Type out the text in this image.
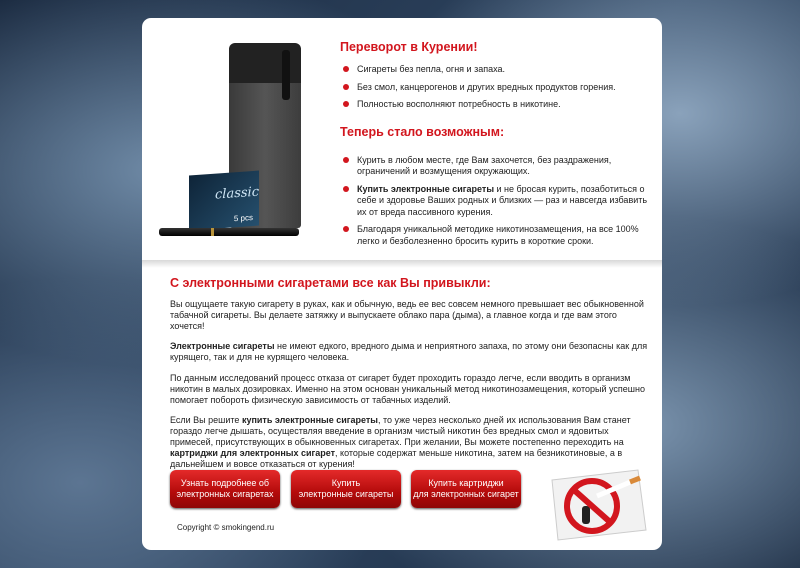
classic
5 pcs
Переворот в Курении!
Сигареты без пепла, огня и запаха.
Без смол, канцерогенов и других вредных продуктов горения.
Полностью восполняют потребность в никотине.
Теперь стало возможным:
Курить в любом месте, где Вам захочется, без раздражения, ограничений и возмущения окружающих.
Купить электронные сигареты и не бросая курить, позаботиться о себе и здоровье Ваших родных и близких — раз и навсегда избавить их от вреда пассивного курения.
Благодаря уникальной методике никотинозамещения, на все 100% легко и безболезненно бросить курить в короткие сроки.
С электронными сигаретами все как Вы привыкли:

Вы ощущаете такую сигарету в руках, как и обычную, ведь ее вес совсем немного превышает вес обыкновенной табачной сигареты. Вы делаете затяжку и выпускаете облако пара (дыма), а главное когда и где вам этого хочется!

Электронные сигареты не имеют едкого, вредного дыма и неприятного запаха, по этому они безопасны как для курящего, так и для не курящего человека.

По данным исследований процесс отказа от сигарет будет проходить гораздо легче, если вводить в организм никотин в малых дозировках. Именно на этом основан уникальный метод никотинозамещения, который успешно помогает побороть физическую зависимость от табачных изделий.

Если Вы решите купить электронные сигареты, то уже через несколько дней их использования Вам станет гораздо легче дышать, осуществляя введение в организм чистый никотин без вредных смол и ядовитых примесей, присутствующих в обыкновенных сигаретах. При желании, Вы можете постепенно переходить на картриджи для электронных сигарет, которые содержат меньше никотина, затем на безникотиновые, а в дальнейшем и вовсе отказаться от курения!

Узнать подробнее об
электронных сигаретах
Купить
электронные сигареты
Купить картриджи
для электронных сигарет
Copyright © smokingend.ru
